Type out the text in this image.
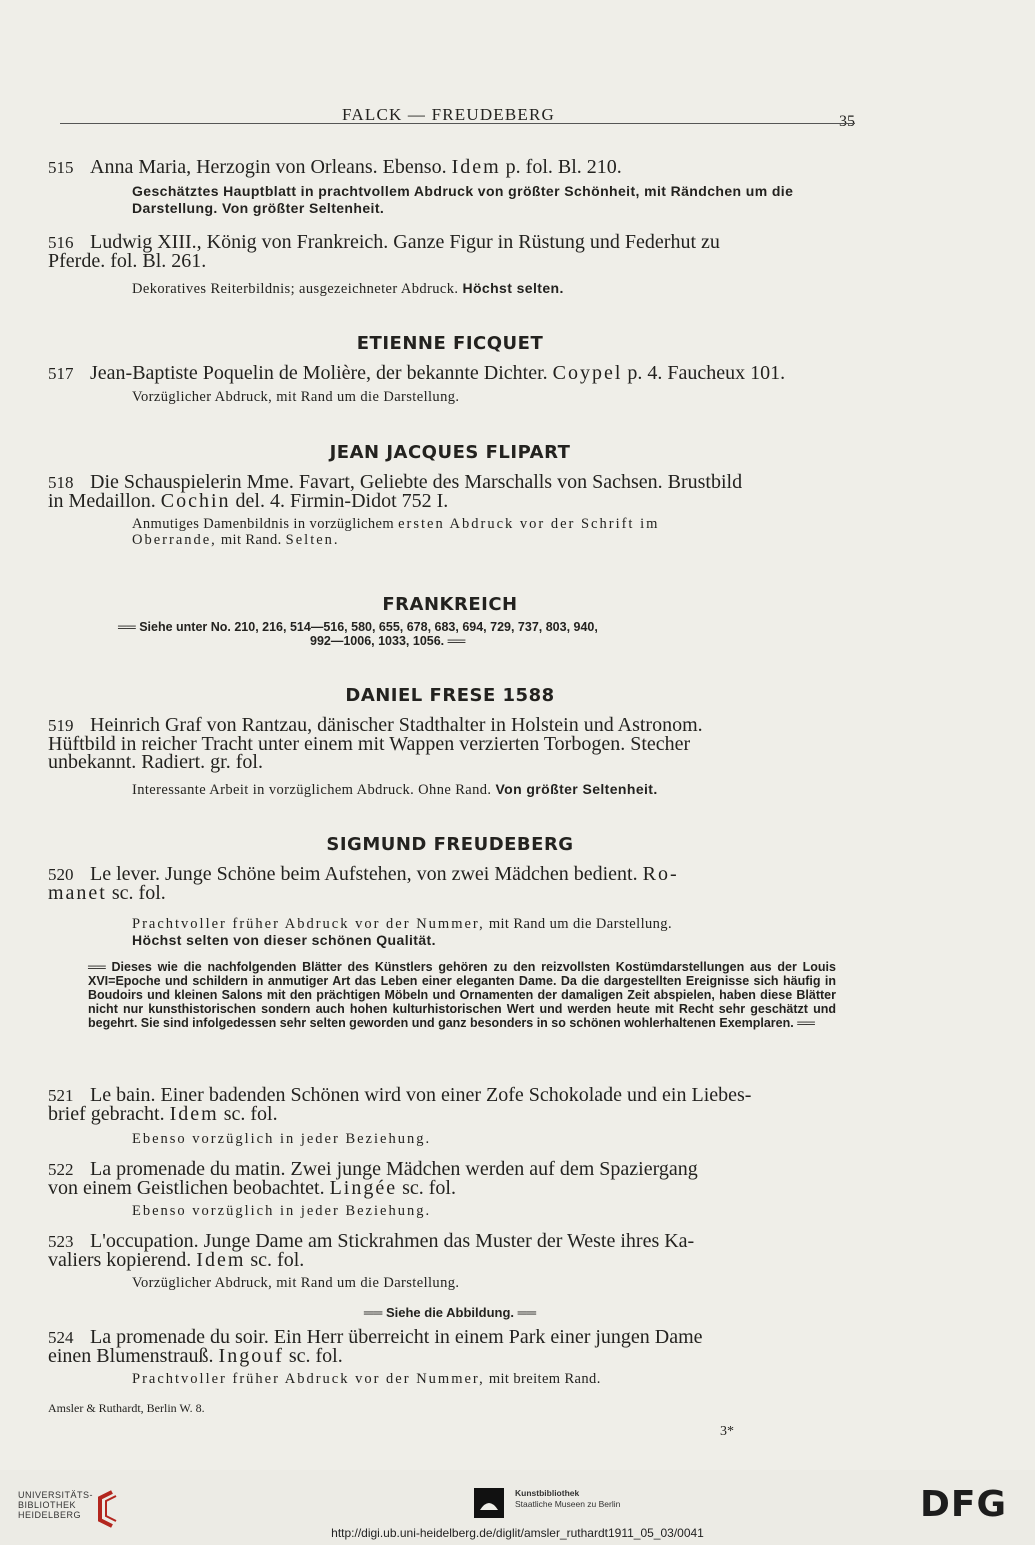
FALCK — FREUDEBERG	35

515 Anna Maria, Herzogin von Orleans. Ebenso. Idem p. fol. Bl. 210.

Geschätztes Hauptblatt in prachtvollem Abdruck von größter Schönheit, mit Rändchen um die Darstellung. Von größter Seltenheit.

516 Ludwig XIII., König von Frankreich. Ganze Figur in Rüstung und Federhut zu

Pferde. fol. Bl. 261.

Dekoratives Reiterbildnis; ausgezeichneter Abdruck. Höchst selten.
ETIENNE FICQUET

517 Jean-Baptiste Poquelin de Molière, der bekannte Dichter. Coypel p. 4. Faucheux 101.

Vorzüglicher Abdruck, mit Rand um die Darstellung.
JEAN JACQUES FLIPART

518 Die Schauspielerin Mme. Favart, Geliebte des Marschalls von Sachsen. Brustbild

in Medaillon. Cochin del. 4. Firmin-Didot 752 I.

Anmutiges Damenbildnis in vorzüglichem ersten Abdruck vor der Schrift im
Oberrande, mit Rand. Selten.
FRANKREICH
══ Siehe unter No. 210, 216, 514—516, 580, 655, 678, 683, 694, 729, 737, 803, 940,
992—1006, 1033, 1056. ══
DANIEL FRESE 1588

519 Heinrich Graf von Rantzau, dänischer Stadthalter in Holstein und Astronom.

Hüftbild in reicher Tracht unter einem mit Wappen verzierten Torbogen. Stecher

unbekannt. Radiert. gr. fol.

Interessante Arbeit in vorzüglichem Abdruck. Ohne Rand. Von größter Seltenheit.
SIGMUND FREUDEBERG

520 Le lever. Junge Schöne beim Aufstehen, von zwei Mädchen bedient. Ro-

manet sc. fol.

Prachtvoller früher Abdruck vor der Nummer, mit Rand um die Darstellung.
Höchst selten von dieser schönen Qualität.
══ Dieses wie die nachfolgenden Blätter des Künstlers gehören zu den reizvollsten Kostümdarstellungen aus der Louis XVI=Epoche und schildern in anmutiger Art das Leben einer eleganten Dame. Da die dargestellten Ereignisse sich häufig in Boudoirs und kleinen Salons mit den prächtigen Möbeln und Ornamenten der damaligen Zeit abspielen, haben diese Blätter nicht nur kunsthistorischen sondern auch hohen kulturhistorischen Wert und werden heute mit Recht sehr geschätzt und begehrt. Sie sind infolgedessen sehr selten geworden und ganz besonders in so schönen wohlerhaltenen Exemplaren. ══

521 Le bain. Einer badenden Schönen wird von einer Zofe Schokolade und ein Liebes-

brief gebracht. Idem sc. fol.

Ebenso vorzüglich in jeder Beziehung.

522 La promenade du matin. Zwei junge Mädchen werden auf dem Spaziergang

von einem Geistlichen beobachtet. Lingée sc. fol.

Ebenso vorzüglich in jeder Beziehung.

523 L'occupation. Junge Dame am Stickrahmen das Muster der Weste ihres Ka-

valiers kopierend. Idem sc. fol.

Vorzüglicher Abdruck, mit Rand um die Darstellung.
══ Siehe die Abbildung. ══

524 La promenade du soir. Ein Herr überreicht in einem Park einer jungen Dame

einen Blumenstrauß. Ingouf sc. fol.

Prachtvoller früher Abdruck vor der Nummer, mit breitem Rand.
Amsler & Ruthardt, Berlin W. 8.
3*
UNIVERSITÄTS-
BIBLIOTHEK
HEIDELBERG
Kunstbibliothek
Staatliche Museen zu Berlin	DFG
http://digi.ub.uni-heidelberg.de/diglit/amsler_ruthardt1911_05_03/0041
